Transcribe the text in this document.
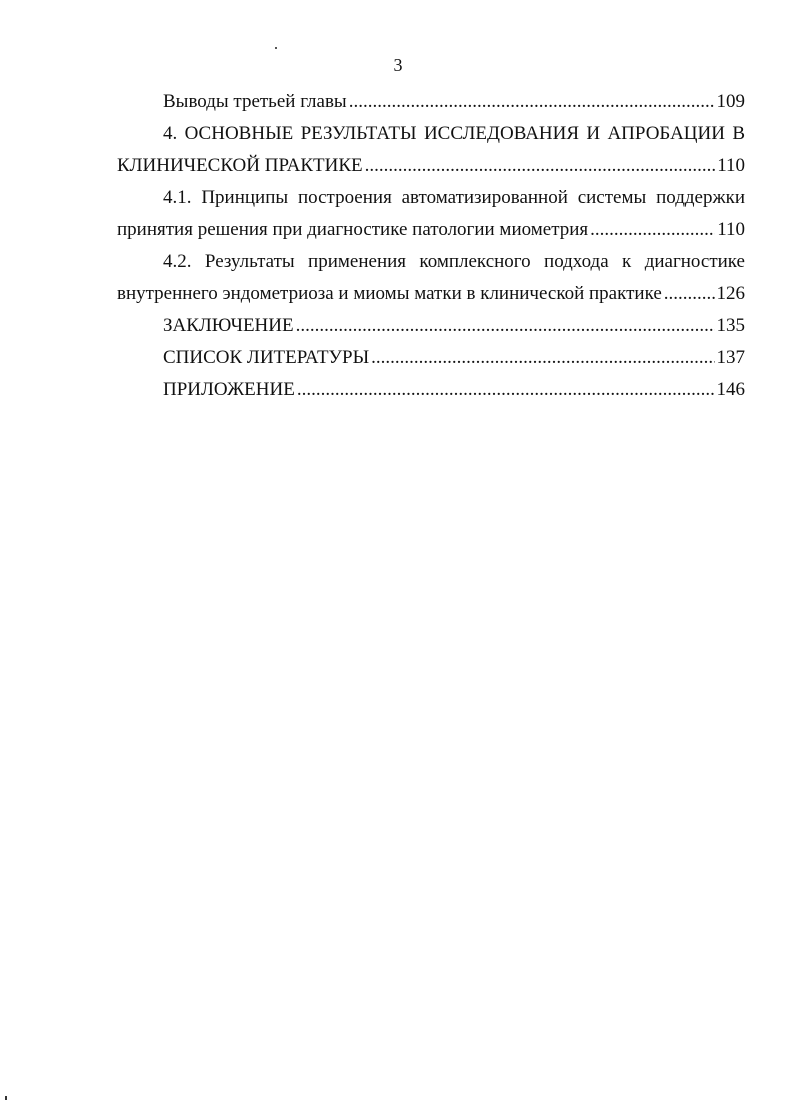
3
Выводы третьей главы .....	109
4. ОСНОВНЫЕ РЕЗУЛЬТАТЫ ИССЛЕДОВАНИЯ И АПРОБАЦИИ В
КЛИНИЧЕСКОЙ ПРАКТИКЕ .....	110
4.1. Принципы построения автоматизированной системы поддержки
принятия решения при диагностике патологии миометрия .....	110
4.2. Результаты применения комплексного подхода к диагностике
внутреннего эндометриоза и миомы матки в клинической практике .....	126
ЗАКЛЮЧЕНИЕ .....	135
СПИСОК ЛИТЕРАТУРЫ .....	137
ПРИЛОЖЕНИЕ .....	146
